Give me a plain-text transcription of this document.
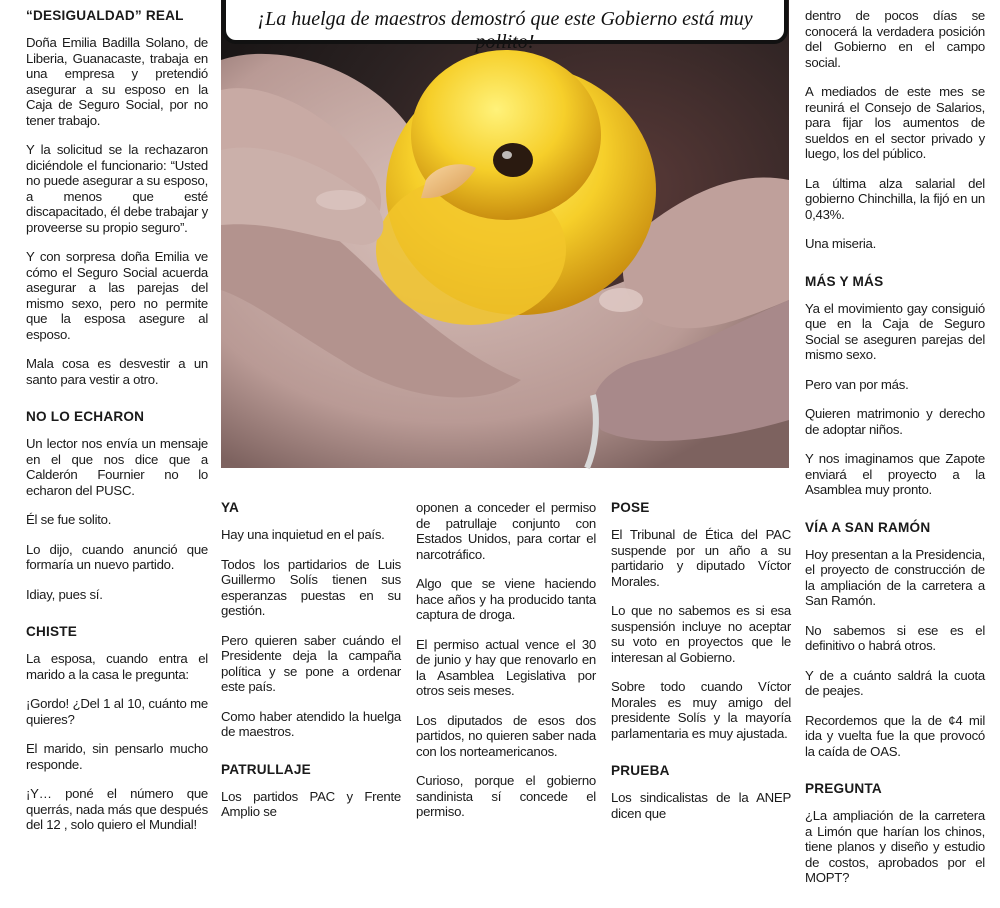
¡La huelga de maestros demostró que este Gobierno está muy pollito!
“DESIGUALDAD” REAL

Doña Emilia Badilla Solano, de Liberia, Guanacaste, trabaja en una empresa y pretendió asegurar a su esposo en la Caja de Seguro Social, por no tener trabajo.

Y la solicitud se la rechazaron diciéndole el funcionario: “Usted no puede asegurar a su esposo, a menos que esté discapacitado, él debe trabajar y proveerse su propio seguro”.

Y con sorpresa doña Emilia ve cómo el Seguro Social acuerda asegurar a las parejas del mismo sexo, pero no permite que la esposa asegure al esposo.

Mala cosa es desvestir a un santo para vestir a otro.

NO LO ECHARON

Un lector nos envía un mensaje en el que nos dice que a Calderón Fournier no lo echaron del PUSC.

Él se fue solito.

Lo dijo, cuando anunció que formaría un nuevo partido.

Idiay, pues sí.

CHISTE

La esposa, cuando entra el marido a la casa le pregunta:

¡Gordo! ¿Del 1 al 10, cuánto me quieres?

El marido, sin pensarlo mucho responde.

¡Y… poné el número que querrás, nada más que después del 12 , solo quiero el Mundial!

YA

Hay una inquietud en el país.

Todos los partidarios de Luis Guillermo Solís tienen sus esperanzas puestas en su gestión.

Pero quieren saber cuándo el Presidente deja la campaña política y se pone a ordenar este país.

Como haber atendido la huelga de maestros.

PATRULLAJE

Los partidos PAC y Frente Amplio se

oponen a conceder el permiso de patrullaje conjunto con Estados Unidos, para cortar el narcotráfico.

Algo que se viene haciendo hace años y ha producido tanta captura de droga.

El permiso actual vence el 30 de junio y hay que renovarlo en la Asamblea Legislativa por otros seis meses.

Los diputados de esos dos partidos, no quieren saber nada con los norteamericanos.

Curioso, porque el gobierno sandinista sí concede el permiso.

POSE

El Tribunal de Ética del PAC suspende por un año a su partidario y diputado Víctor Morales.

Lo que no sabemos es si esa suspensión incluye no aceptar su voto en proyectos que le interesan al Gobierno.

Sobre todo cuando Víctor Morales es muy amigo del presidente Solís y la mayoría parlamentaria es muy ajustada.

PRUEBA

Los sindicalistas de la ANEP dicen que

dentro de pocos días se conocerá la verdadera posición del Gobierno en el campo social.

A mediados de este mes se reunirá el Consejo de Salarios, para fijar los aumentos de sueldos en el sector privado y luego, los del público.

La última alza salarial del gobierno Chinchilla, la fijó en un 0,43%.

Una miseria.

MÁS Y MÁS

Ya el movimiento gay consiguió que en la Caja de Seguro Social se aseguren parejas del mismo sexo.

Pero van por más.

Quieren matrimonio y derecho de adoptar niños.

Y nos imaginamos que Zapote enviará el proyecto a la Asamblea muy pronto.

VÍA A SAN RAMÓN

Hoy presentan a la Presidencia, el proyecto de construcción de la ampliación de la carretera a San Ramón.

No sabemos si ese es el definitivo o habrá otros.

Y de a cuánto saldrá la cuota de peajes.

Recordemos que la de ¢4 mil ida y vuelta fue la que provocó la caída de OAS.

PREGUNTA

¿La ampliación de la carretera a Limón que harían los chinos, tiene planos y diseño y estudio de costos, aprobados por el MOPT?
